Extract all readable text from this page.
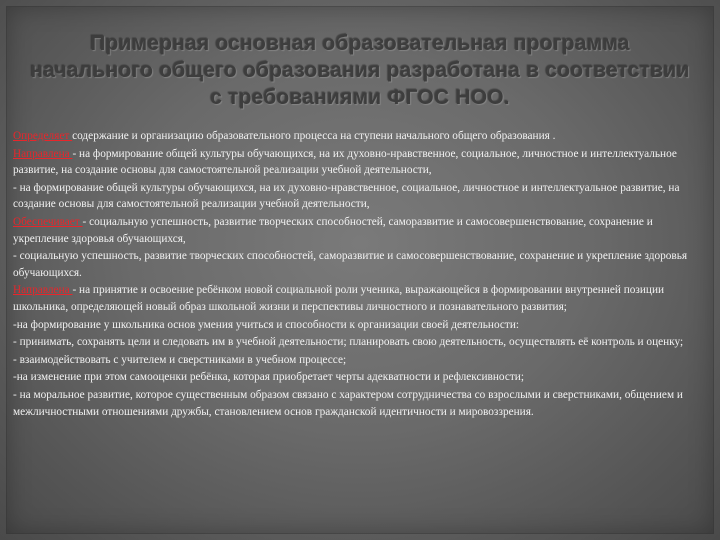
Примерная основная образовательная программа начального общего образования разработана в соответствии с требованиями ФГОС НОО.

Определяет содержание и организацию образовательного процесса на ступени начального общего образования .

Направлена - на формирование общей культуры обучающихся, на их духовно-нравственное, социальное, личностное и интеллектуальное развитие, на создание основы для самостоятельной реализации учебной деятельности,

- на формирование общей культуры обучающихся, на их духовно-нравственное, социальное, личностное и интеллектуальное развитие, на создание основы для самостоятельной реализации учебной деятельности,

Обеспечивает - социальную успешность, развитие творческих способностей, саморазвитие и самосовершенствование, сохранение и укрепление здоровья обучающихся,

- социальную успешность, развитие творческих способностей, саморазвитие и самосовершенствование, сохранение и укрепление здоровья обучающихся.

Направлена - на принятие и освоение ребёнком новой социальной роли ученика, выражающейся в формировании внутренней позиции школьника, определяющей новый образ школьной жизни и перспективы личностного и познавательного развития;

-на формирование у школьника основ умения учиться и способности к организации своей деятельности:

- принимать, сохранять цели и следовать им в учебной деятельности; планировать свою деятельность, осуществлять её контроль и оценку;

- взаимодействовать с учителем и сверстниками в учебном процессе;

-на изменение при этом самооценки ребёнка, которая приобретает черты адекватности и рефлексивности;

- на моральное развитие, которое существенным образом связано с характером сотрудничества со взрослыми и сверстниками, общением и межличностными отношениями дружбы, становлением основ гражданской идентичности и мировоззрения.
